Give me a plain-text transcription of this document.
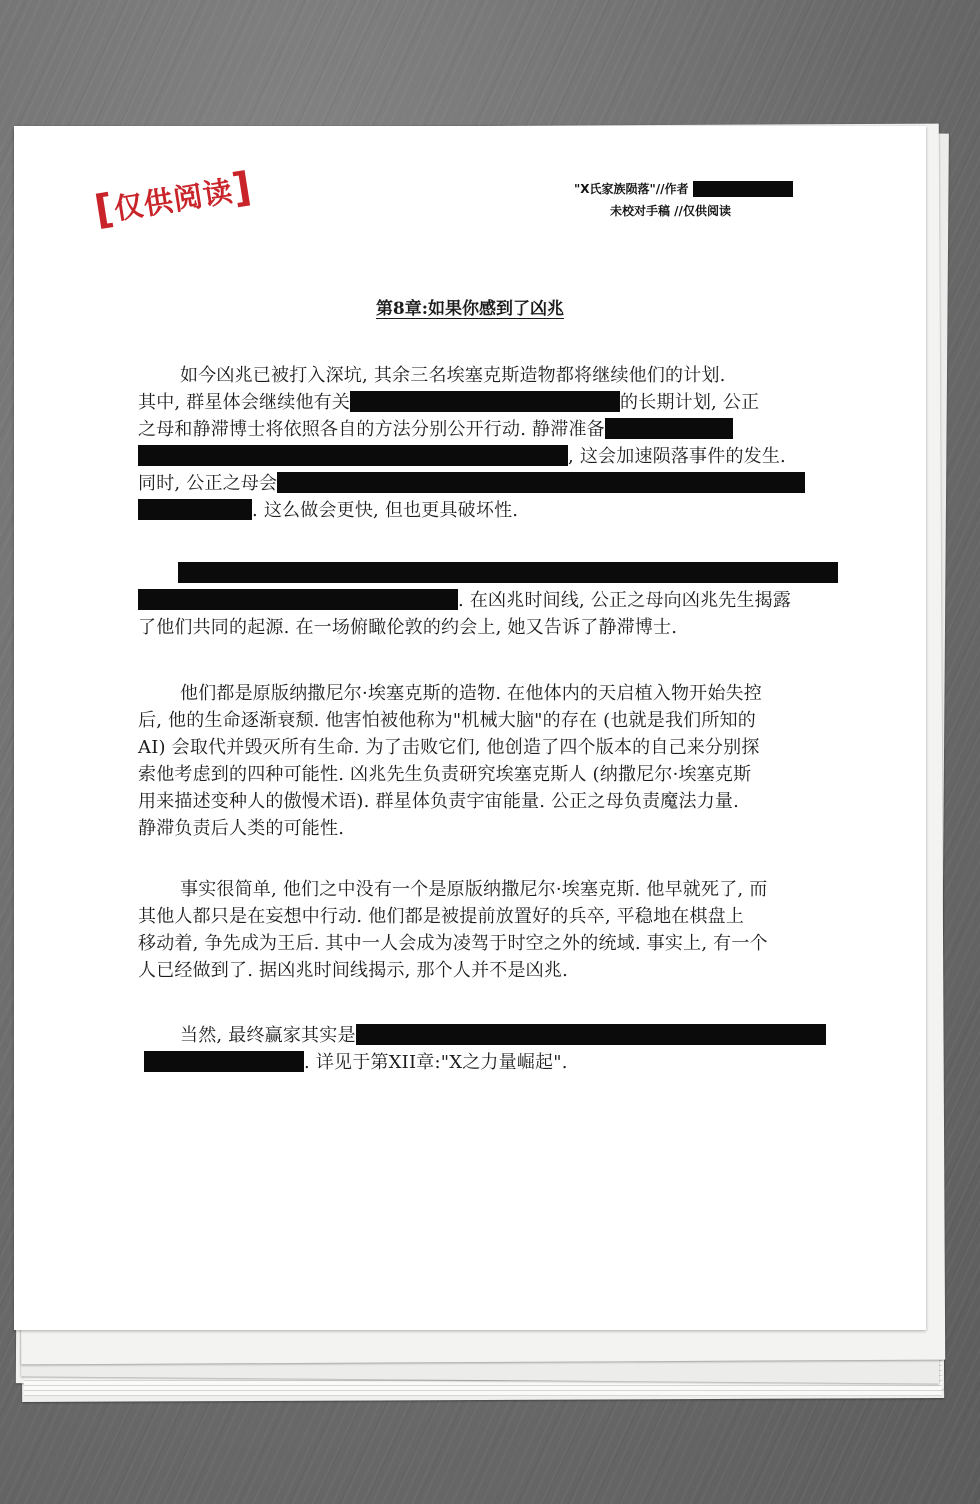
[
仅供阅读
]	"X氏家族陨落"//作者
未校对手稿 //仅供阅读
第8章:如果你感到了凶兆
如今凶兆已被打入深坑, 其余三名埃塞克斯造物都将继续他们的计划.
其中, 群星体会继续他有关	的长期计划, 公正
之母和静滞博士将依照各自的方法分别公开行动. 静滞准备
, 这会加速陨落事件的发生.
同时, 公正之母会
. 这么做会更快, 但也更具破坏性.
. 在凶兆时间线, 公正之母向凶兆先生揭露
了他们共同的起源. 在一场俯瞰伦敦的约会上, 她又告诉了静滞博士.
他们都是原版纳撒尼尔·埃塞克斯的造物. 在他体内的天启植入物开始失控
后, 他的生命逐渐衰颓. 他害怕被他称为"机械大脑"的存在 (也就是我们所知的
AI) 会取代并毁灭所有生命. 为了击败它们, 他创造了四个版本的自己来分别探
索他考虑到的四种可能性. 凶兆先生负责研究埃塞克斯人 (纳撒尼尔·埃塞克斯
用来描述变种人的傲慢术语). 群星体负责宇宙能量. 公正之母负责魔法力量.
静滞负责后人类的可能性.
事实很简单, 他们之中没有一个是原版纳撒尼尔·埃塞克斯. 他早就死了, 而
其他人都只是在妄想中行动. 他们都是被提前放置好的兵卒, 平稳地在棋盘上
移动着, 争先成为王后. 其中一人会成为凌驾于时空之外的统域. 事实上, 有一个
人已经做到了. 据凶兆时间线揭示, 那个人并不是凶兆.
当然, 最终赢家其实是
. 详见于第XII章:"X之力量崛起".
